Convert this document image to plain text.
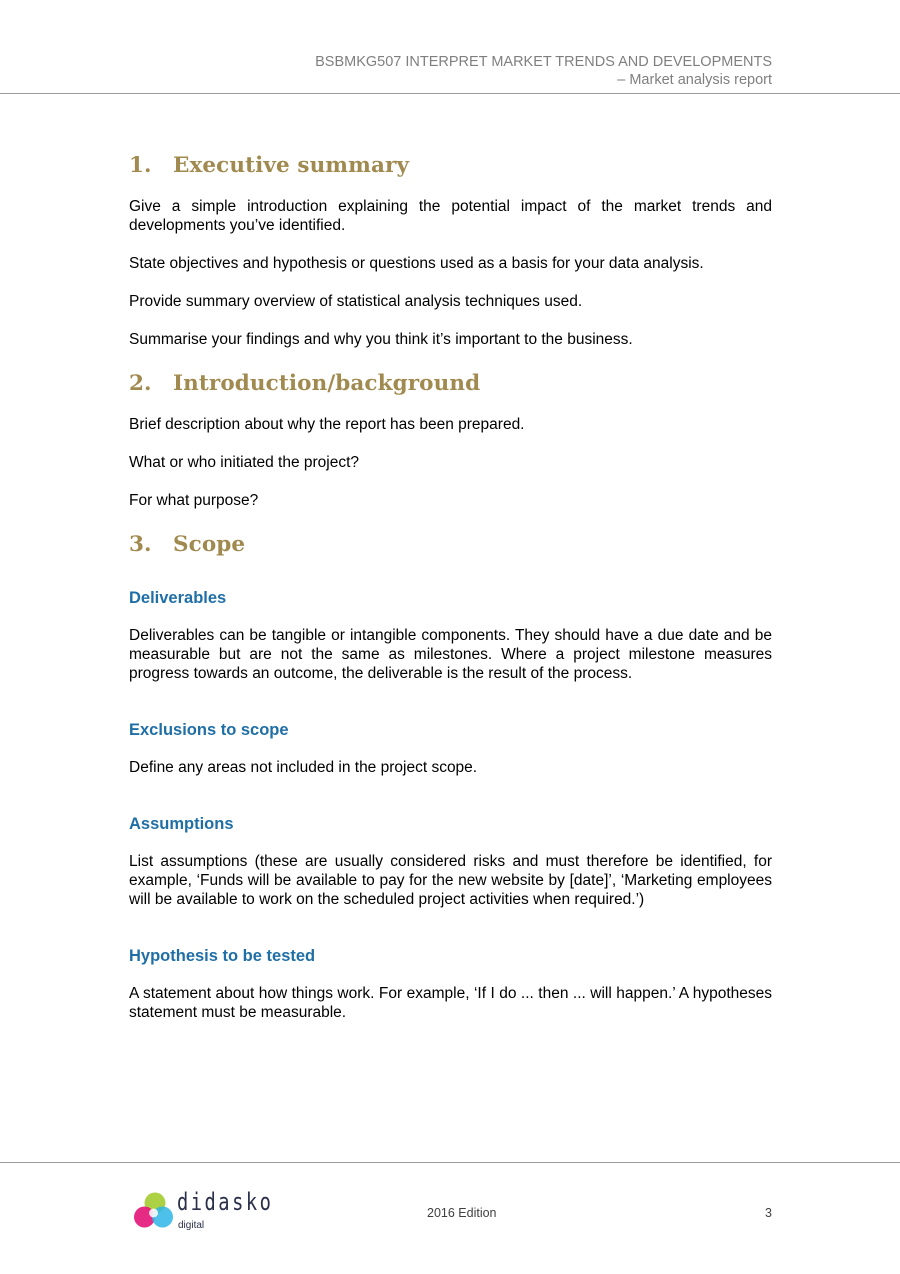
BSBMKG507 INTERPRET MARKET TRENDS AND DEVELOPMENTS
– Market analysis report
1. Executive summary

Give a simple introduction explaining the potential impact of the market trends and developments you’ve identified.

State objectives and hypothesis or questions used as a basis for your data analysis.

Provide summary overview of statistical analysis techniques used.

Summarise your findings and why you think it’s important to the business.

2. Introduction/background

Brief description about why the report has been prepared.

What or who initiated the project?

For what purpose?

3. Scope
Deliverables

Deliverables can be tangible or intangible components. They should have a due date and be measurable but are not the same as milestones. Where a project milestone measures progress towards an outcome, the deliverable is the result of the process.

Exclusions to scope

Define any areas not included in the project scope.

Assumptions

List assumptions (these are usually considered risks and must therefore be identified, for example, ‘Funds will be available to pay for the new website by [date]’, ‘Marketing employees will be available to work on the scheduled project activities when required.’)

Hypothesis to be tested

A statement about how things work. For example, ‘If I do ... then ... will happen.’ A hypotheses statement must be measurable.

didasko
digital
2016 Edition	3
